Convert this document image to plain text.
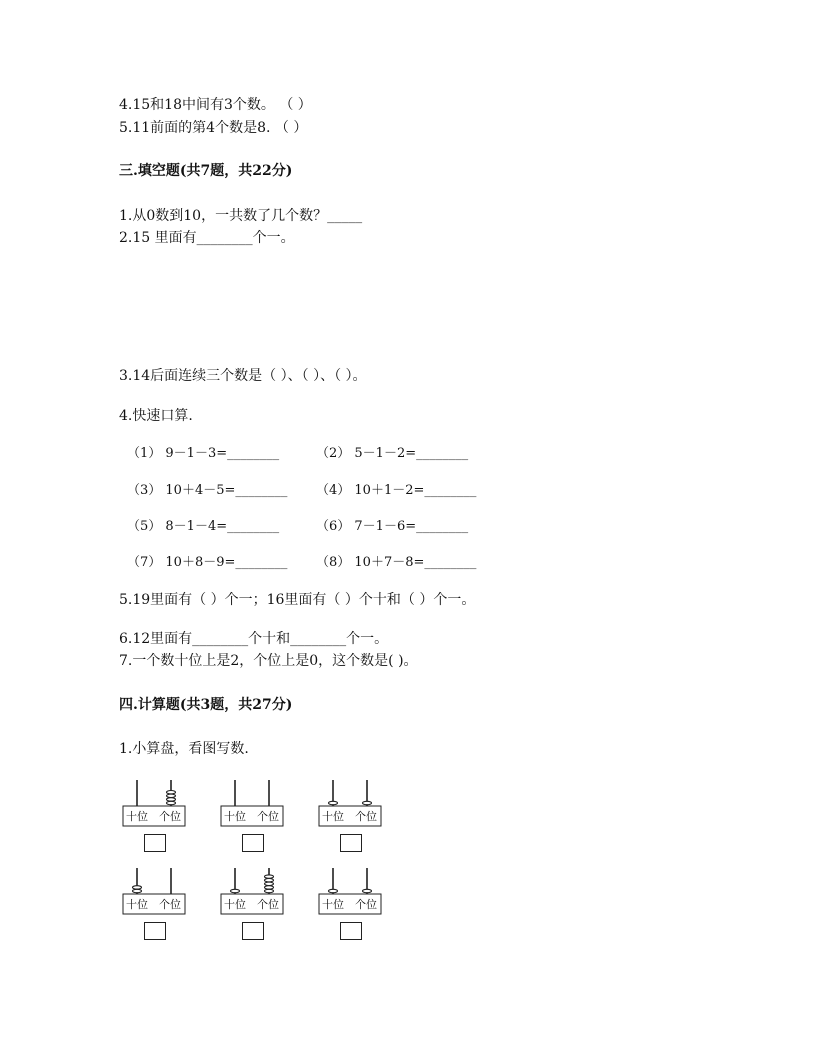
4.15和18中间有3个数。 （ ）
5.11前面的第4个数是8. （ ）
三.填空题(共7题，共22分)
1.从0数到10，一共数了几个数？_____
2.15 里面有________个一。
3.14后面连续三个数是（ ）、（ ）、（ ）。
4.快速口算.
（1） 9－1－3=________	（2） 5－1－2=________
（3） 10＋4－5=________ （4） 10＋1－2=________
（5） 8－1－4=________	（6） 7－1－6=________
（7） 10＋8－9=________ （8） 10＋7－8=________
5.19里面有（ ）个一；16里面有（ ）个十和（ ）个一。
6.12里面有________个十和________个一。
7.一个数十位上是2，个位上是0，这个数是( )。
四.计算题(共3题，共27分)
1.小算盘，看图写数.
十位 个位	十位 个位	十位 个位
十位 个位	十位 个位	十位 个位
